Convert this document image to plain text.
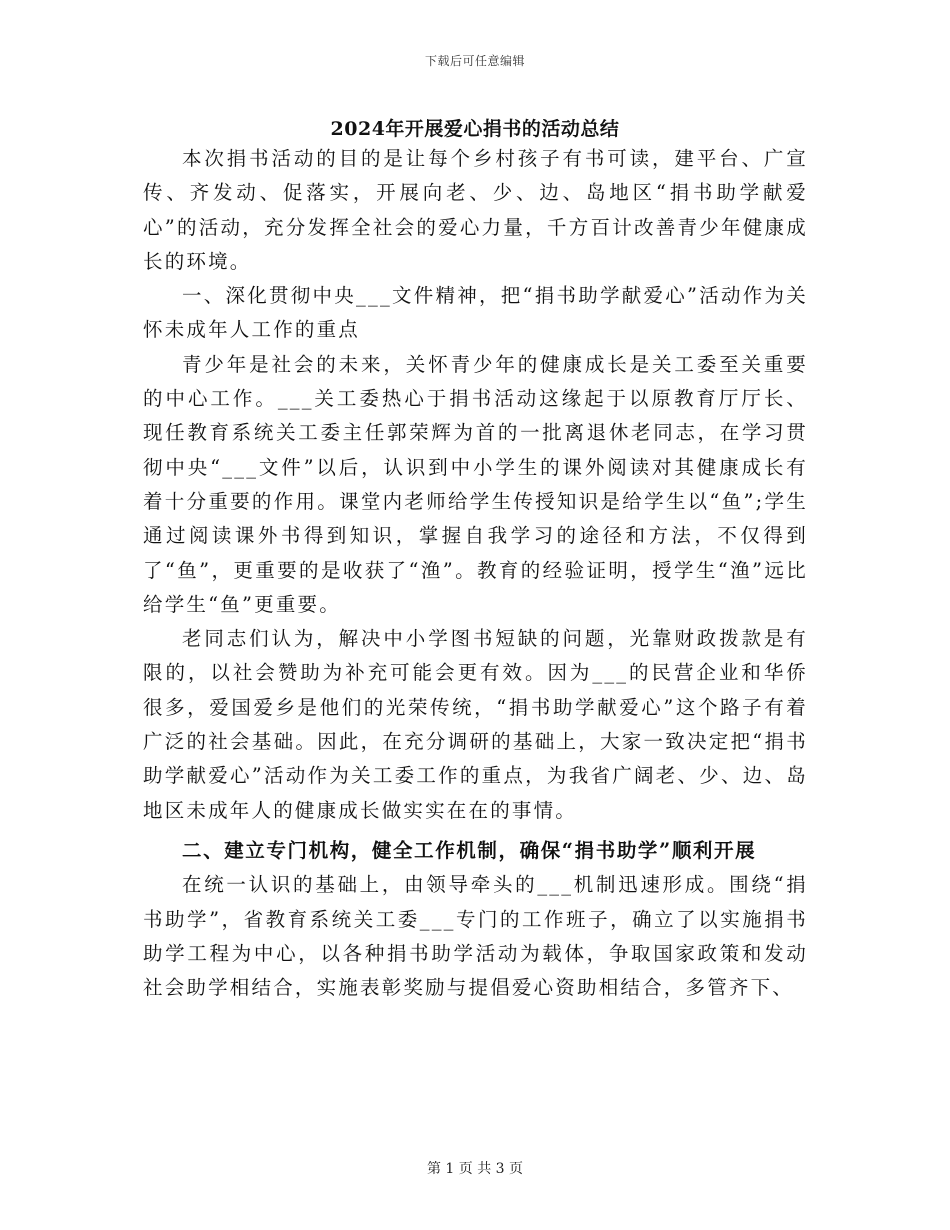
下载后可任意编辑
2024年开展爱心捐书的活动总结

本次捐书活动的目的是让每个乡村孩子有书可读，建平台、广宣传、齐发动、促落实，开展向老、少、边、岛地区“捐书助学献爱心”的活动，充分发挥全社会的爱心力量，千方百计改善青少年健康成长的环境。

一、深化贯彻中央___文件精神，把“捐书助学献爱心”活动作为关怀未成年人工作的重点

青少年是社会的未来，关怀青少年的健康成长是关工委至关重要的中心工作。___关工委热心于捐书活动这缘起于以原教育厅厅长、现任教育系统关工委主任郭荣辉为首的一批离退休老同志，在学习贯彻中央“___文件”以后，认识到中小学生的课外阅读对其健康成长有着十分重要的作用。课堂内老师给学生传授知识是给学生以“鱼”;学生通过阅读课外书得到知识，掌握自我学习的途径和方法，不仅得到了“鱼”，更重要的是收获了“渔”。教育的经验证明，授学生“渔”远比给学生“鱼”更重要。

老同志们认为，解决中小学图书短缺的问题，光靠财政拨款是有限的，以社会赞助为补充可能会更有效。因为___的民营企业和华侨很多，爱国爱乡是他们的光荣传统，“捐书助学献爱心”这个路子有着广泛的社会基础。因此，在充分调研的基础上，大家一致决定把“捐书助学献爱心”活动作为关工委工作的重点，为我省广阔老、少、边、岛地区未成年人的健康成长做实实在在的事情。

二、建立专门机构，健全工作机制，确保“捐书助学”顺利开展

在统一认识的基础上，由领导牵头的___机制迅速形成。围绕“捐书助学”，省教育系统关工委___专门的工作班子，确立了以实施捐书助学工程为中心，以各种捐书助学活动为载体，争取国家政策和发动社会助学相结合，实施表彰奖励与提倡爱心资助相结合，多管齐下、

第 1 页 共 3 页
